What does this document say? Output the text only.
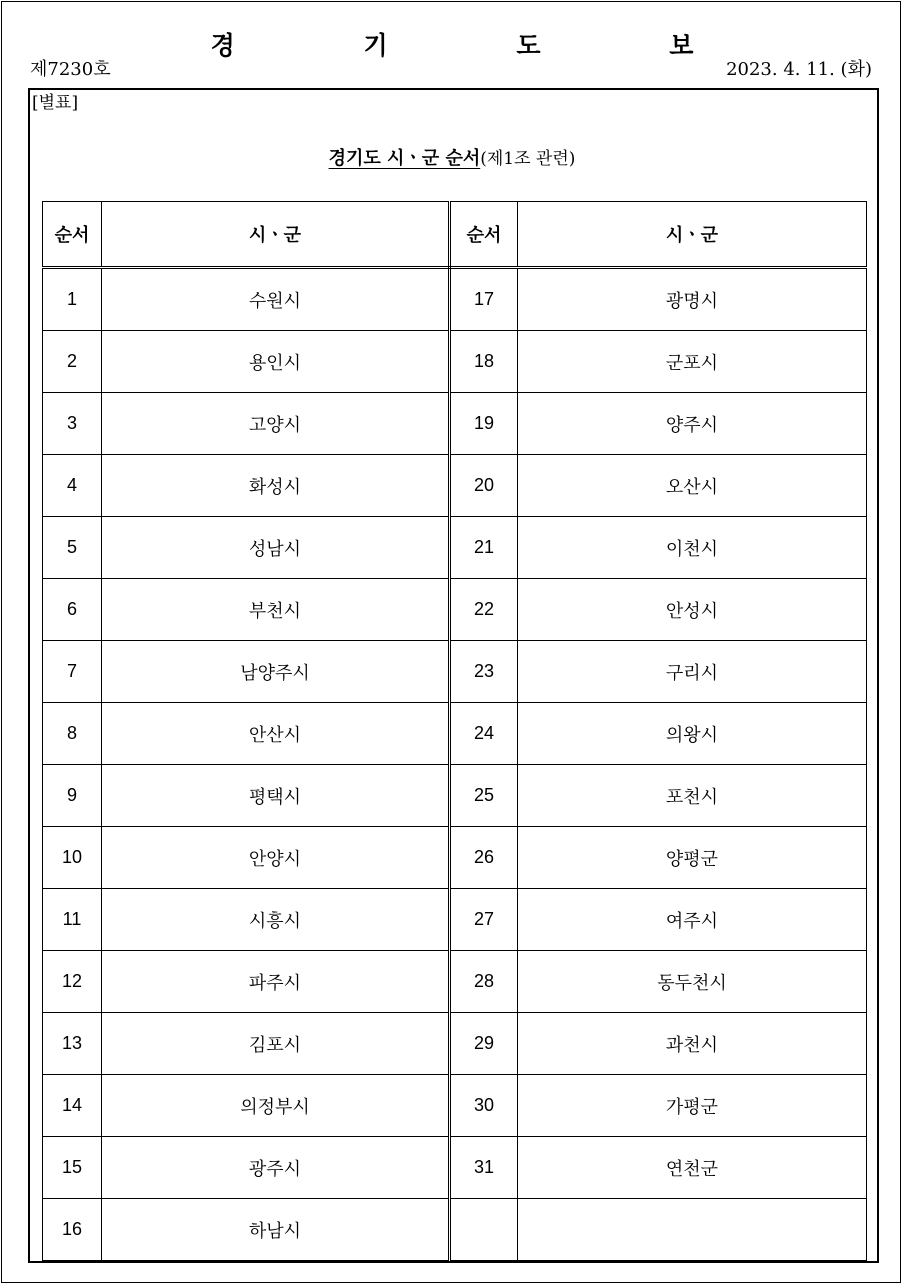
경 기 도 보
제7230호	2023. 4. 11. (화)
[별표]
경기도 시ㆍ군 순서(제1조 관련)
순서	시ㆍ군	순서	시ㆍ군
1	수원시	17	광명시
2	용인시	18	군포시
3	고양시	19	양주시
4	화성시	20	오산시
5	성남시	21	이천시
6	부천시	22	안성시
7	남양주시	23	구리시
8	안산시	24	의왕시
9	평택시	25	포천시
10	안양시	26	양평군
11	시흥시	27	여주시
12	파주시	28	동두천시
13	김포시	29	과천시
14	의정부시	30	가평군
15	광주시	31	연천군
16	하남시		
